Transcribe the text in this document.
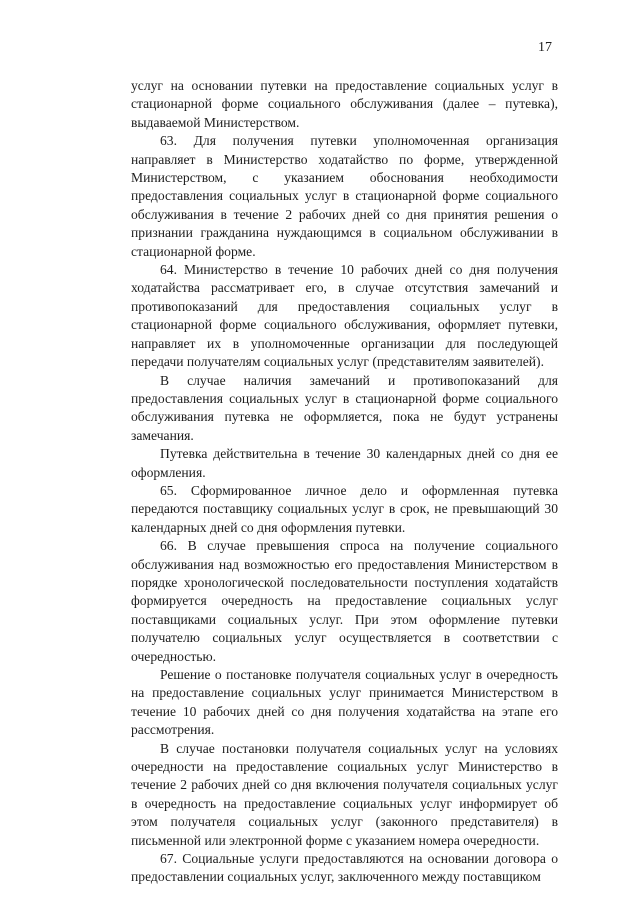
17

услуг на основании путевки на предоставление социальных услуг в стационарной форме социального обслуживания (далее – путевка), выдаваемой Министерством.

63. Для получения путевки уполномоченная организация направляет в Министерство ходатайство по форме, утвержденной Министерством, с указанием обоснования необходимости предоставления социальных услуг в стационарной форме социального обслуживания в течение 2 рабочих дней со дня принятия решения о признании гражданина нуждающимся в социальном обслуживании в стационарной форме.

64. Министерство в течение 10 рабочих дней со дня получения ходатайства рассматривает его, в случае отсутствия замечаний и противопоказаний для предоставления социальных услуг в стационарной форме социального обслуживания, оформляет путевки, направляет их в уполномоченные организации для последующей передачи получателям социальных услуг (представителям заявителей).

В случае наличия замечаний и противопоказаний для предоставления социальных услуг в стационарной форме социального обслуживания путевка не оформляется, пока не будут устранены замечания.

Путевка действительна в течение 30 календарных дней со дня ее оформления.

65. Сформированное личное дело и оформленная путевка передаются поставщику социальных услуг в срок, не превышающий 30 календарных дней со дня оформления путевки.

66. В случае превышения спроса на получение социального обслуживания над возможностью его предоставления Министерством в порядке хронологической последовательности поступления ходатайств формируется очередность на предоставление социальных услуг поставщиками социальных услуг. При этом оформление путевки получателю социальных услуг осуществляется в соответствии с очередностью.

Решение о постановке получателя социальных услуг в очередность на предоставление социальных услуг принимается Министерством в течение 10 рабочих дней со дня получения ходатайства на этапе его рассмотрения.

В случае постановки получателя социальных услуг на условиях очередности на предоставление социальных услуг Министерство в течение 2 рабочих дней со дня включения получателя социальных услуг в очередность на предоставление социальных услуг информирует об этом получателя социальных услуг (законного представителя) в письменной или электронной форме с указанием номера очередности.

67. Социальные услуги предоставляются на основании договора о предоставлении социальных услуг, заключенного между поставщиком
